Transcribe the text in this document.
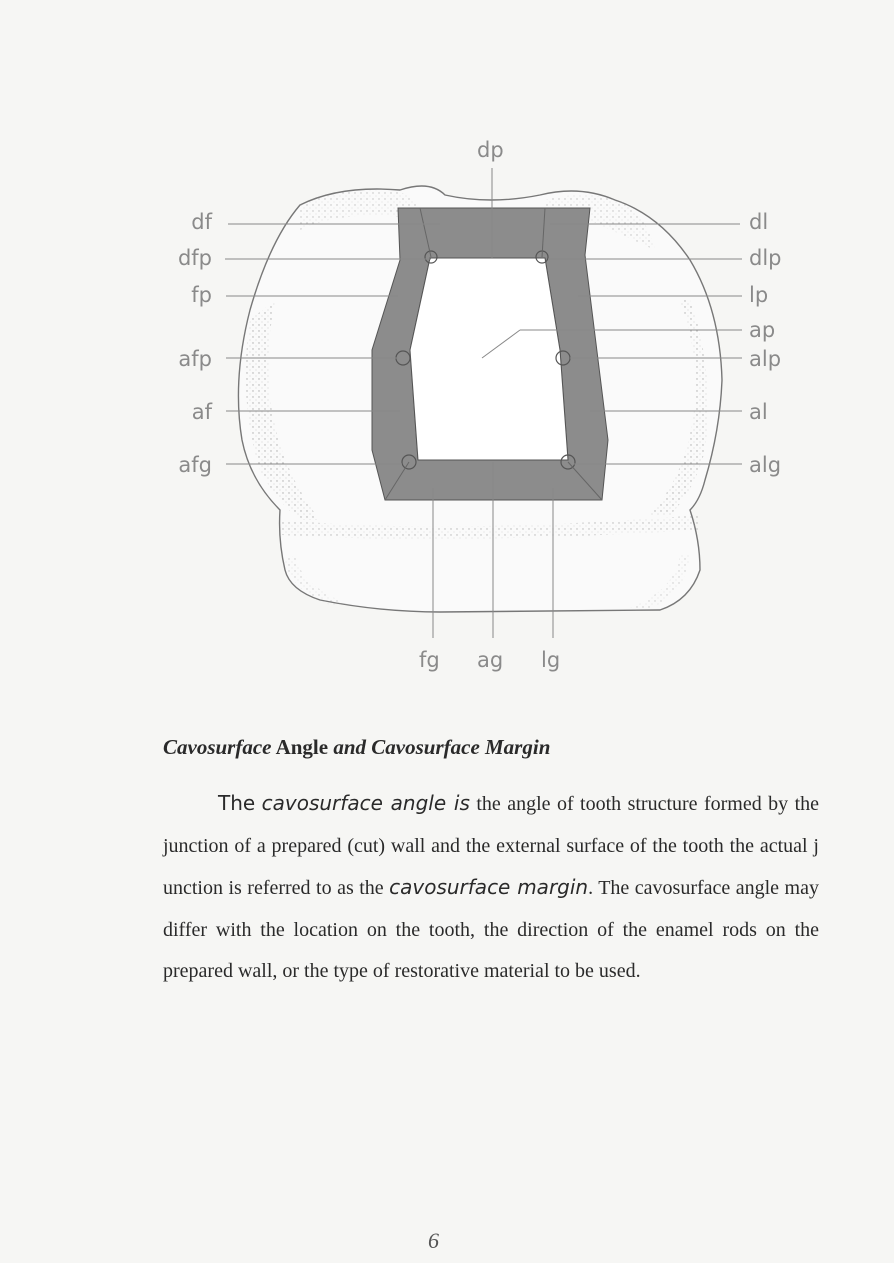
dp
df
dfp
fp
afp
af
afg
dl
dlp
lp
ap
alp
al
alg
fg ag lg
Cavosurface Angle and Cavosurface Margin
The cavosurface angle is the angle of tooth structure formed by the junction of a prepared (cut) wall and the external surface of the tooth the actual j unction is referred to as the cavosurface margin. The cavosurface angle may differ with the location on the tooth, the direction of the enamel rods on the prepared wall, or the type of restorative material to be used.
6
